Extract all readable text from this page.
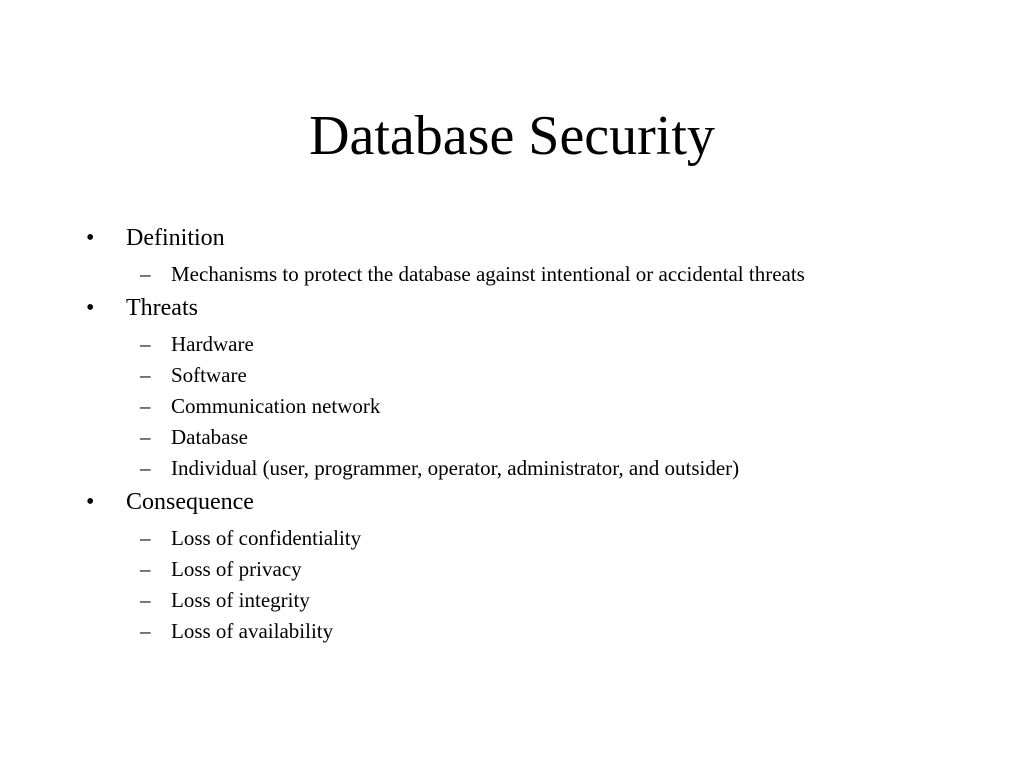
Database Security
• Definition
– Mechanisms to protect the database against intentional or accidental threats
• Threats
– Hardware
– Software
– Communication network
– Database
– Individual (user, programmer, operator, administrator, and outsider)
• Consequence
– Loss of confidentiality
– Loss of privacy
– Loss of integrity
– Loss of availability
